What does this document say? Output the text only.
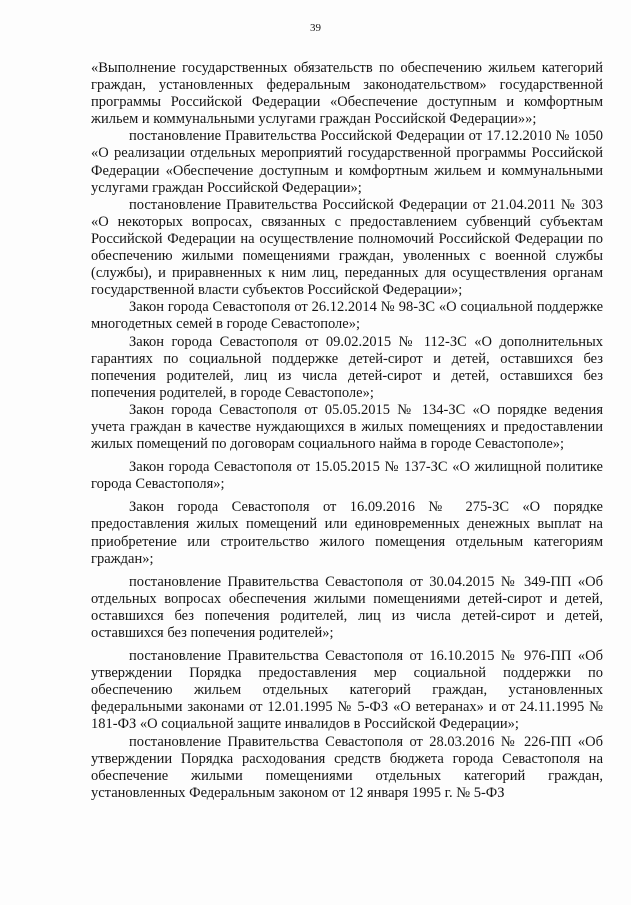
39

«Выполнение государственных обязательств по обеспечению жильем категорий граждан, установленных федеральным законодательством» государственной программы Российской Федерации «Обеспечение доступным и комфортным жильем и коммунальными услугами граждан Российской Федерации»»;

постановление Правительства Российской Федерации от 17.12.2010 № 1050 «О реализации отдельных мероприятий государственной программы Российской Федерации «Обеспечение доступным и комфортным жильем и коммунальными услугами граждан Российской Федерации»;

постановление Правительства Российской Федерации от 21.04.2011 № 303 «О некоторых вопросах, связанных с предоставлением субвенций субъектам Российской Федерации на осуществление полномочий Российской Федерации по обеспечению жилыми помещениями граждан, уволенных с военной службы (службы), и приравненных к ним лиц, переданных для осуществления органам государственной власти субъектов Российской Федерации»;

Закон города Севастополя от 26.12.2014 № 98-ЗС «О социальной поддержке многодетных семей в городе Севастополе»;

Закон города Севастополя от 09.02.2015 № 112-ЗС «О дополнительных гарантиях по социальной поддержке детей-сирот и детей, оставшихся без попечения родителей, лиц из числа детей-сирот и детей, оставшихся без попечения родителей, в городе Севастополе»;

Закон города Севастополя от 05.05.2015 № 134-ЗС «О порядке ведения учета граждан в качестве нуждающихся в жилых помещениях и предоставлении жилых помещений по договорам социального найма в городе Севастополе»;

Закон города Севастополя от 15.05.2015 № 137-ЗС «О жилищной политике города Севастополя»;

Закон города Севастополя от 16.09.2016 № 275-ЗС «О порядке предоставления жилых помещений или единовременных денежных выплат на приобретение или строительство жилого помещения отдельным категориям граждан»;

постановление Правительства Севастополя от 30.04.2015 № 349-ПП «Об отдельных вопросах обеспечения жилыми помещениями детей-сирот и детей, оставшихся без попечения родителей, лиц из числа детей-сирот и детей, оставшихся без попечения родителей»;

постановление Правительства Севастополя от 16.10.2015 № 976-ПП «Об утверждении Порядка предоставления мер социальной поддержки по обеспечению жильем отдельных категорий граждан, установленных федеральными законами от 12.01.1995 № 5-ФЗ «О ветеранах» и от 24.11.1995 № 181-ФЗ «О социальной защите инвалидов в Российской Федерации»;

постановление Правительства Севастополя от 28.03.2016 № 226-ПП «Об утверждении Порядка расходования средств бюджета города Севастополя на обеспечение жилыми помещениями отдельных категорий граждан, установленных Федеральным законом от 12 января 1995 г. № 5-ФЗ
